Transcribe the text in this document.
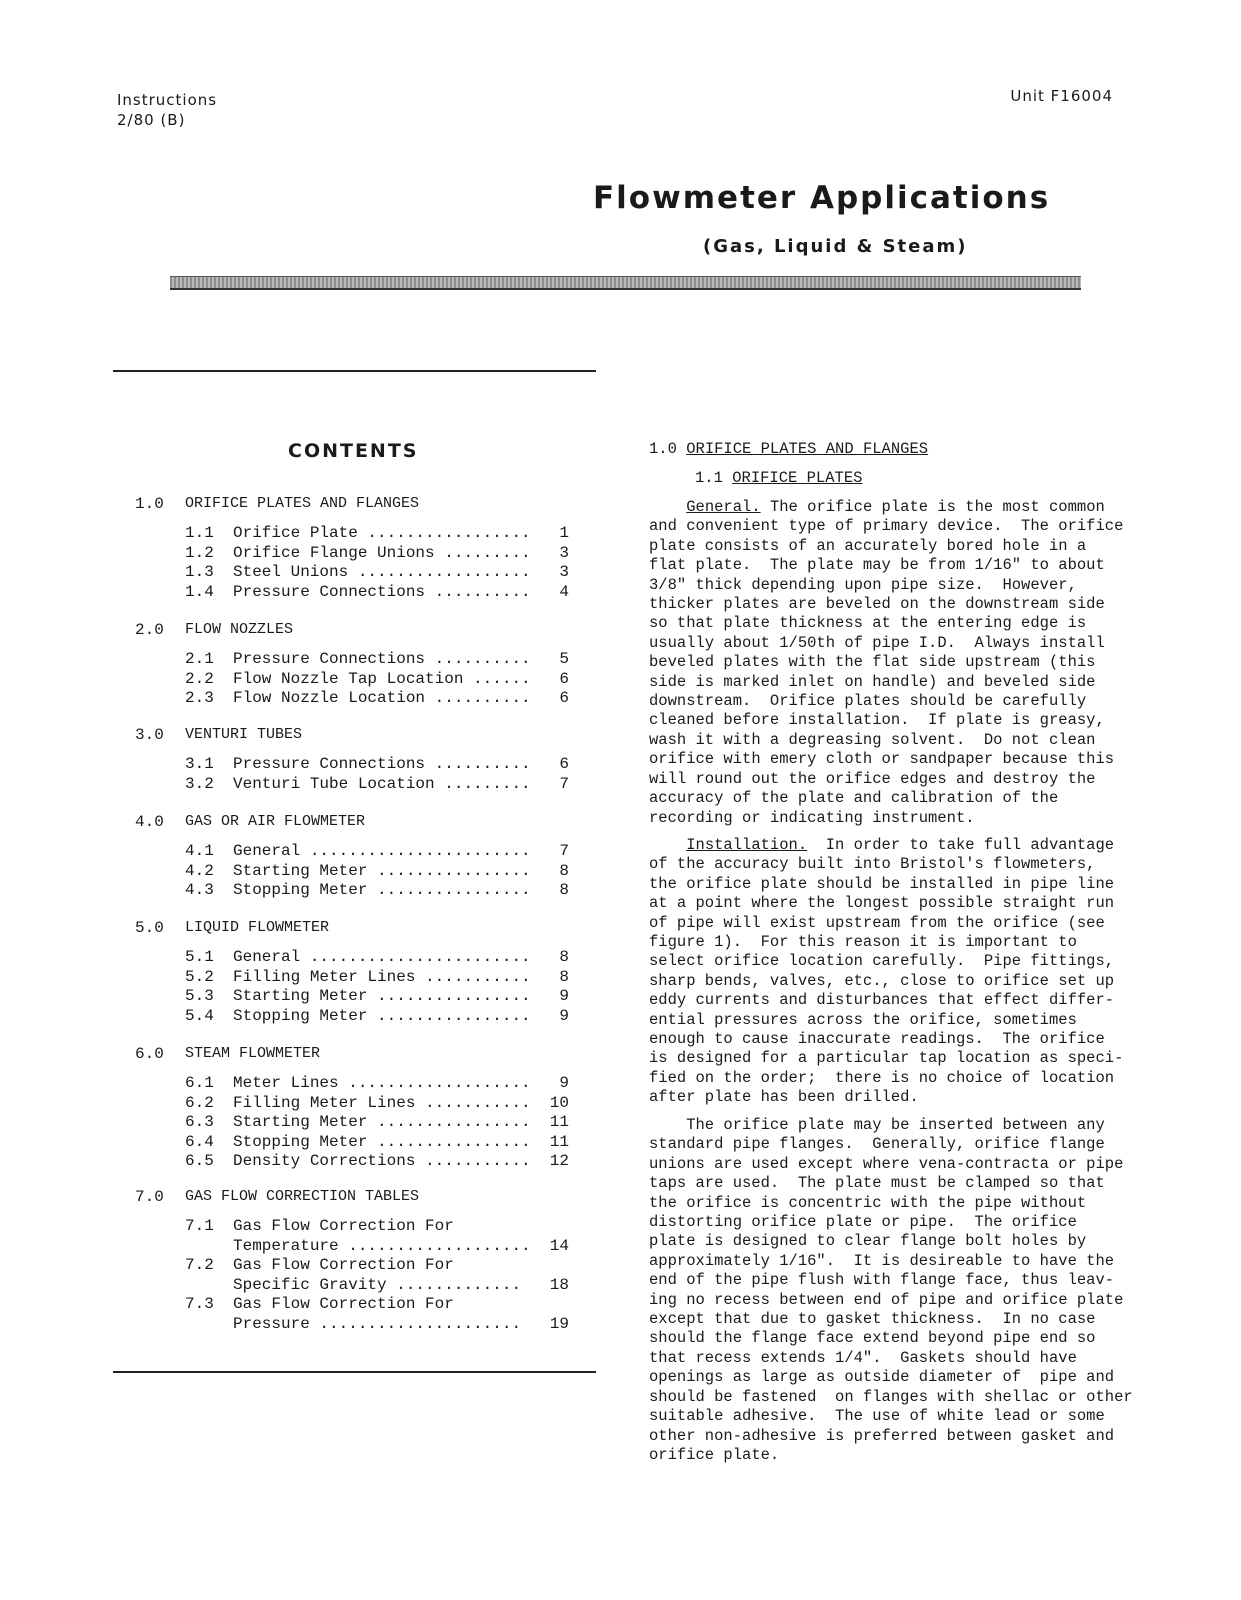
Instructions
2/80 (B)
Unit F16004
Flowmeter Applications
(Gas, Liquid & Steam)
CONTENTS
1.0 ORIFICE PLATES AND FLANGES
1.1 Orifice Plate .................	1
1.2 Orifice Flange Unions .........	3
1.3 Steel Unions ..................	3
1.4 Pressure Connections ..........	4
2.0 FLOW NOZZLES
2.1 Pressure Connections ..........	5
2.2 Flow Nozzle Tap Location ......	6
2.3 Flow Nozzle Location ..........	6
3.0 VENTURI TUBES
3.1 Pressure Connections ..........	6
3.2 Venturi Tube Location .........	7
4.0 GAS OR AIR FLOWMETER
4.1 General .......................	7
4.2 Starting Meter ................	8
4.3 Stopping Meter ................	8
5.0 LIQUID FLOWMETER
5.1 General .......................	8
5.2 Filling Meter Lines ...........	8
5.3 Starting Meter ................	9
5.4 Stopping Meter ................	9
6.0 STEAM FLOWMETER
6.1 Meter Lines ...................	9
6.2 Filling Meter Lines ........... 10
6.3 Starting Meter ................ 11
6.4 Stopping Meter ................ 11
6.5 Density Corrections ........... 12
7.0 GAS FLOW CORRECTION TABLES
7.1 Gas Flow Correction For
Temperature ................... 14
7.2 Gas Flow Correction For
Specific Gravity ............. 18
7.3 Gas Flow Correction For
Pressure ..................... 19
1.0 ORIFICE PLATES AND FLANGES
1.1 ORIFICE PLATES

General. The orifice plate is the most common
and convenient type of primary device.  The orifice
plate consists of an accurately bored hole in a
flat plate.  The plate may be from 1/16" to about
3/8" thick depending upon pipe size.  However,
thicker plates are beveled on the downstream side
so that plate thickness at the entering edge is
usually about 1/50th of pipe I.D.  Always install
beveled plates with the flat side upstream (this
side is marked inlet on handle) and beveled side
downstream.  Orifice plates should be carefully
cleaned before installation.  If plate is greasy,
wash it with a degreasing solvent.  Do not clean
orifice with emery cloth or sandpaper because this
will round out the orifice edges and destroy the
accuracy of the plate and calibration of the
recording or indicating instrument.

Installation.  In order to take full advantage
of the accuracy built into Bristol's flowmeters,
the orifice plate should be installed in pipe line
at a point where the longest possible straight run
of pipe will exist upstream from the orifice (see
figure 1).  For this reason it is important to
select orifice location carefully.  Pipe fittings,
sharp bends, valves, etc., close to orifice set up
eddy currents and disturbances that effect differ-
ential pressures across the orifice, sometimes
enough to cause inaccurate readings.  The orifice
is designed for a particular tap location as speci-
fied on the order;  there is no choice of location
after plate has been drilled.

The orifice plate may be inserted between any
standard pipe flanges.  Generally, orifice flange
unions are used except where vena-contracta or pipe
taps are used.  The plate must be clamped so that
the orifice is concentric with the pipe without
distorting orifice plate or pipe.  The orifice
plate is designed to clear flange bolt holes by
approximately 1/16".  It is desireable to have the
end of the pipe flush with flange face, thus leav-
ing no recess between end of pipe and orifice plate
except that due to gasket thickness.  In no case
should the flange face extend beyond pipe end so
that recess extends 1/4".  Gaskets should have
openings as large as outside diameter of  pipe and
should be fastened  on flanges with shellac or other
suitable adhesive.  The use of white lead or some
other non-adhesive is preferred between gasket and
orifice plate.
